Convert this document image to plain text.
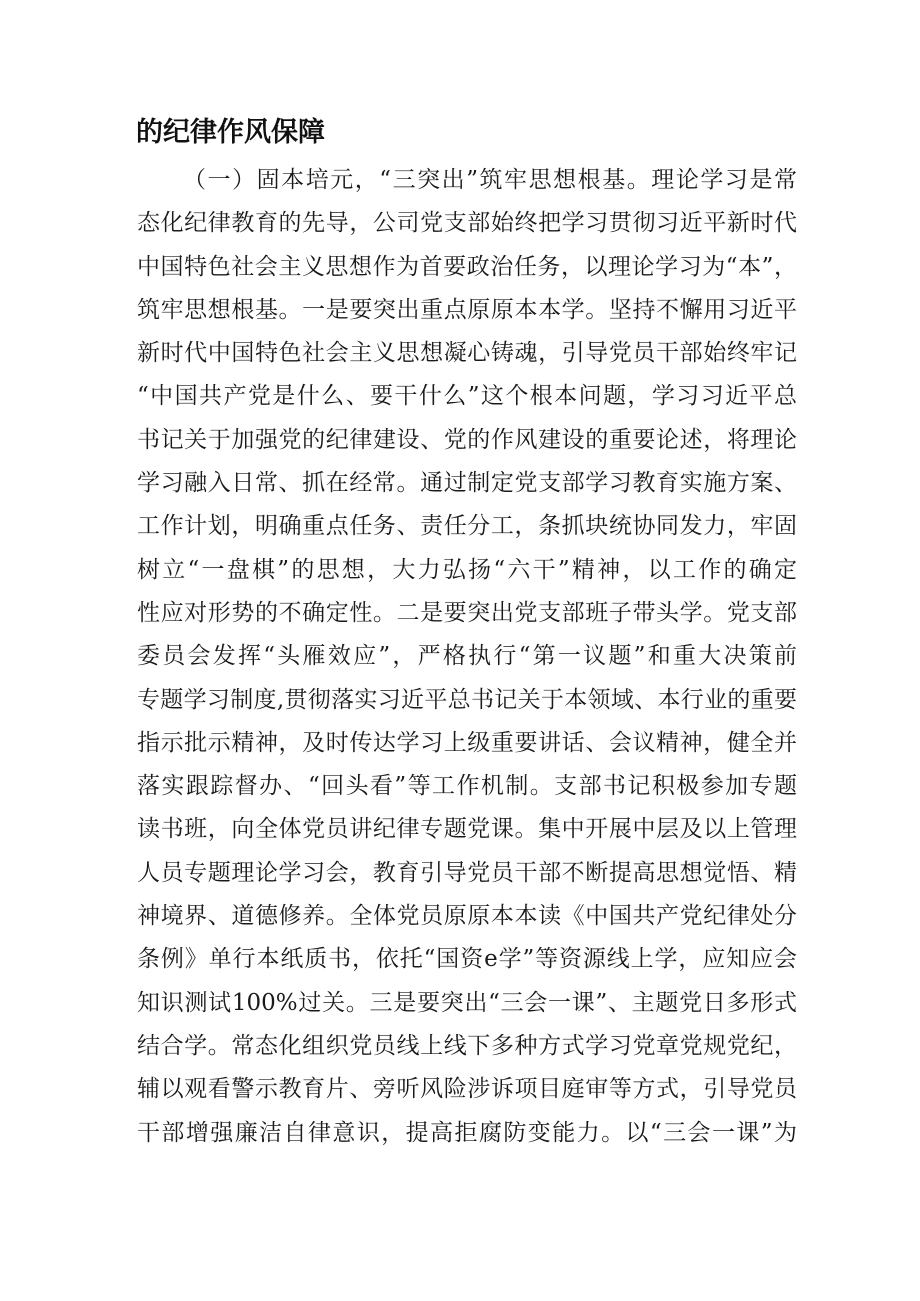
的纪律作风保障
（一）固本培元，“三突出”筑牢思想根基。理论学习是常
态化纪律教育的先导，公司党支部始终把学习贯彻习近平新时代
中国特色社会主义思想作为首要政治任务，以理论学习为“本”，
筑牢思想根基。一是要突出重点原原本本学。坚持不懈用习近平
新时代中国特色社会主义思想凝心铸魂，引导党员干部始终牢记
“中国共产党是什么、要干什么”这个根本问题，学习习近平总
书记关于加强党的纪律建设、党的作风建设的重要论述，将理论
学习融入日常、抓在经常。通过制定党支部学习教育实施方案、
工作计划，明确重点任务、责任分工，条抓块统协同发力，牢固
树立“一盘棋”的思想，大力弘扬“六干”精神，以工作的确定
性应对形势的不确定性。二是要突出党支部班子带头学。党支部
委员会发挥“头雁效应”，严格执行“第一议题”和重大决策前
专题学习制度,贯彻落实习近平总书记关于本领域、本行业的重要
指示批示精神，及时传达学习上级重要讲话、会议精神，健全并
落实跟踪督办、“回头看”等工作机制。支部书记积极参加专题
读书班，向全体党员讲纪律专题党课。集中开展中层及以上管理
人员专题理论学习会，教育引导党员干部不断提高思想觉悟、精
神境界、道德修养。全体党员原原本本读《中国共产党纪律处分
条例》单行本纸质书，依托“国资e学”等资源线上学，应知应会
知识测试100%过关。三是要突出“三会一课”、主题党日多形式
结合学。常态化组织党员线上线下多种方式学习党章党规党纪，
辅以观看警示教育片、旁听风险涉诉项目庭审等方式，引导党员
干部增强廉洁自律意识，提高拒腐防变能力。以“三会一课”为
